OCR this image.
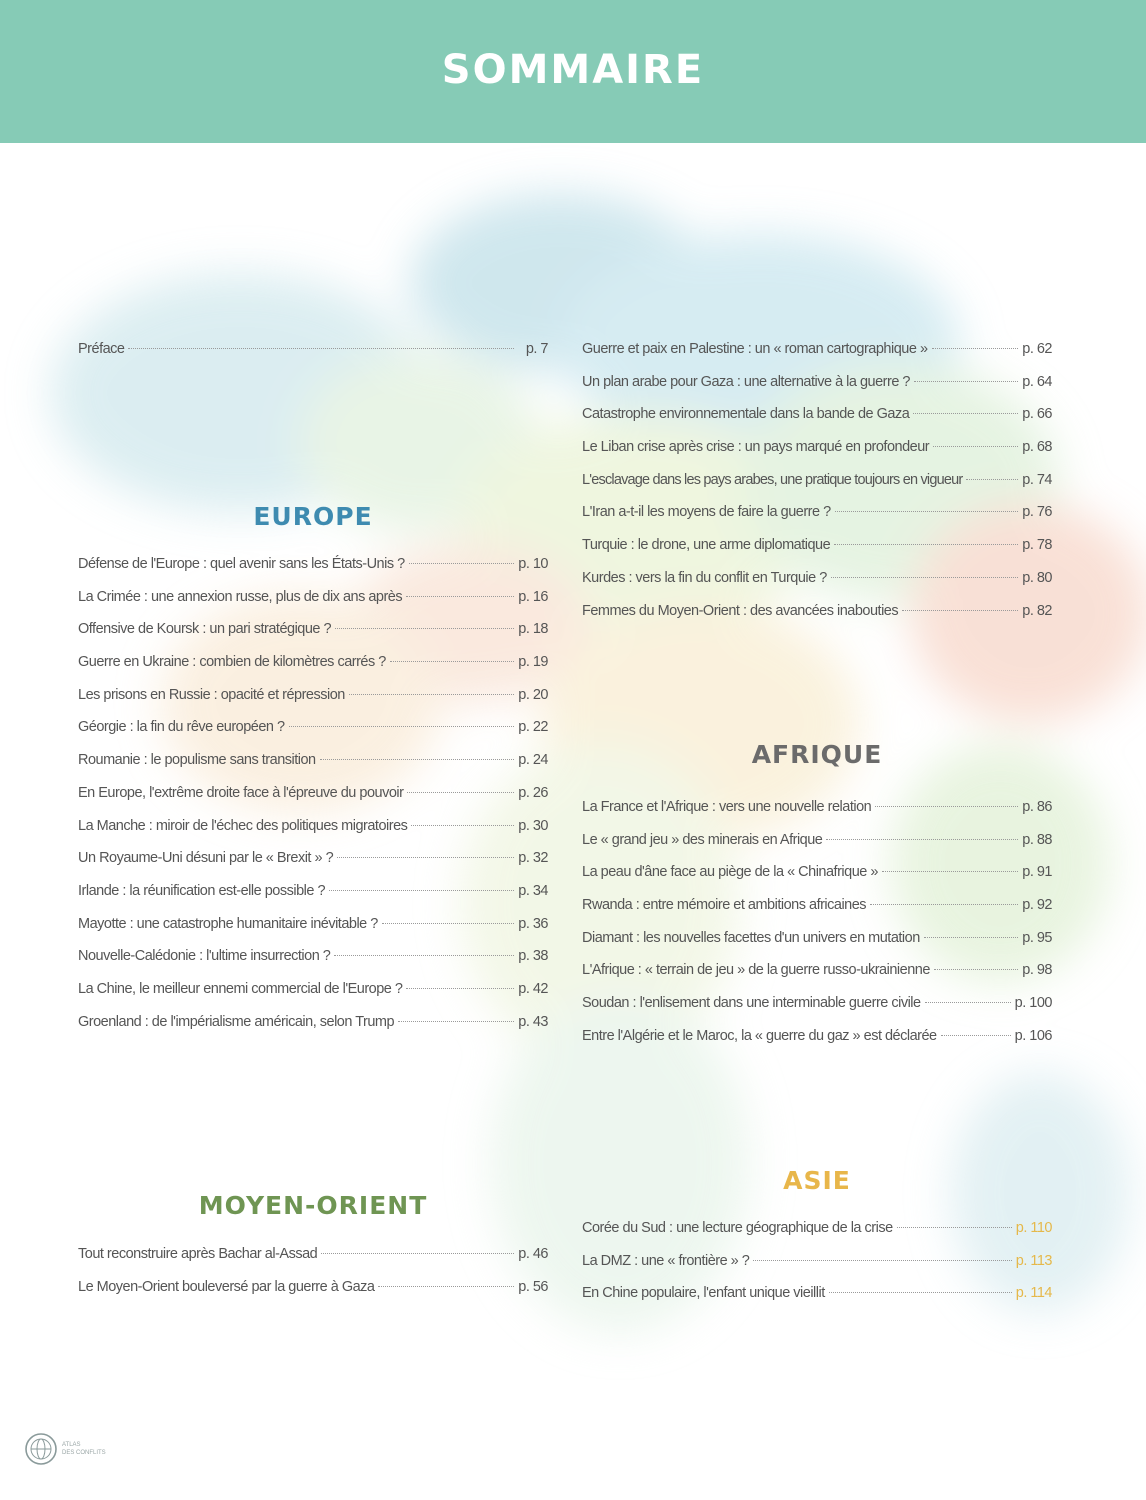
SOMMAIRE
Préface	p. 7
EUROPE
Défense de l'Europe : quel avenir sans les États-Unis ?	p. 10
La Crimée : une annexion russe, plus de dix ans après	p. 16
Offensive de Koursk : un pari stratégique ?	p. 18
Guerre en Ukraine : combien de kilomètres carrés ?	p. 19
Les prisons en Russie : opacité et répression	p. 20
Géorgie : la fin du rêve européen ?	p. 22
Roumanie : le populisme sans transition	p. 24
En Europe, l'extrême droite face à l'épreuve du pouvoir	p. 26
La Manche : miroir de l'échec des politiques migratoires	p. 30
Un Royaume-Uni désuni par le « Brexit » ?	p. 32
Irlande : la réunification est-elle possible ?	p. 34
Mayotte : une catastrophe humanitaire inévitable ?	p. 36
Nouvelle-Calédonie : l'ultime insurrection ?	p. 38
La Chine, le meilleur ennemi commercial de l'Europe ?	p. 42
Groenland : de l'impérialisme américain, selon Trump	p. 43
MOYEN-ORIENT
Tout reconstruire après Bachar al-Assad	p. 46
Le Moyen-Orient bouleversé par la guerre à Gaza	p. 56
Guerre et paix en Palestine : un « roman cartographique »	p. 62
Un plan arabe pour Gaza : une alternative à la guerre ?	p. 64
Catastrophe environnementale dans la bande de Gaza	p. 66
Le Liban crise après crise : un pays marqué en profondeur	p. 68
L'esclavage dans les pays arabes, une pratique toujours en vigueur	p. 74
L'Iran a-t-il les moyens de faire la guerre ?	p. 76
Turquie : le drone, une arme diplomatique	p. 78
Kurdes : vers la fin du conflit en Turquie ?	p. 80
Femmes du Moyen-Orient : des avancées inabouties	p. 82
AFRIQUE
La France et l'Afrique : vers une nouvelle relation	p. 86
Le « grand jeu » des minerais en Afrique	p. 88
La peau d'âne face au piège de la « Chinafrique »	p. 91
Rwanda : entre mémoire et ambitions africaines	p. 92
Diamant : les nouvelles facettes d'un univers en mutation	p. 95
L'Afrique : « terrain de jeu » de la guerre russo-ukrainienne	p. 98
Soudan : l'enlisement dans une interminable guerre civile	p. 100
Entre l'Algérie et le Maroc, la « guerre du gaz » est déclarée	p. 106
ASIE
Corée du Sud : une lecture géographique de la crise	p. 110
La DMZ : une « frontière » ?	p. 113
En Chine populaire, l'enfant unique vieillit	p. 114
ATLAS
DES CONFLITS
